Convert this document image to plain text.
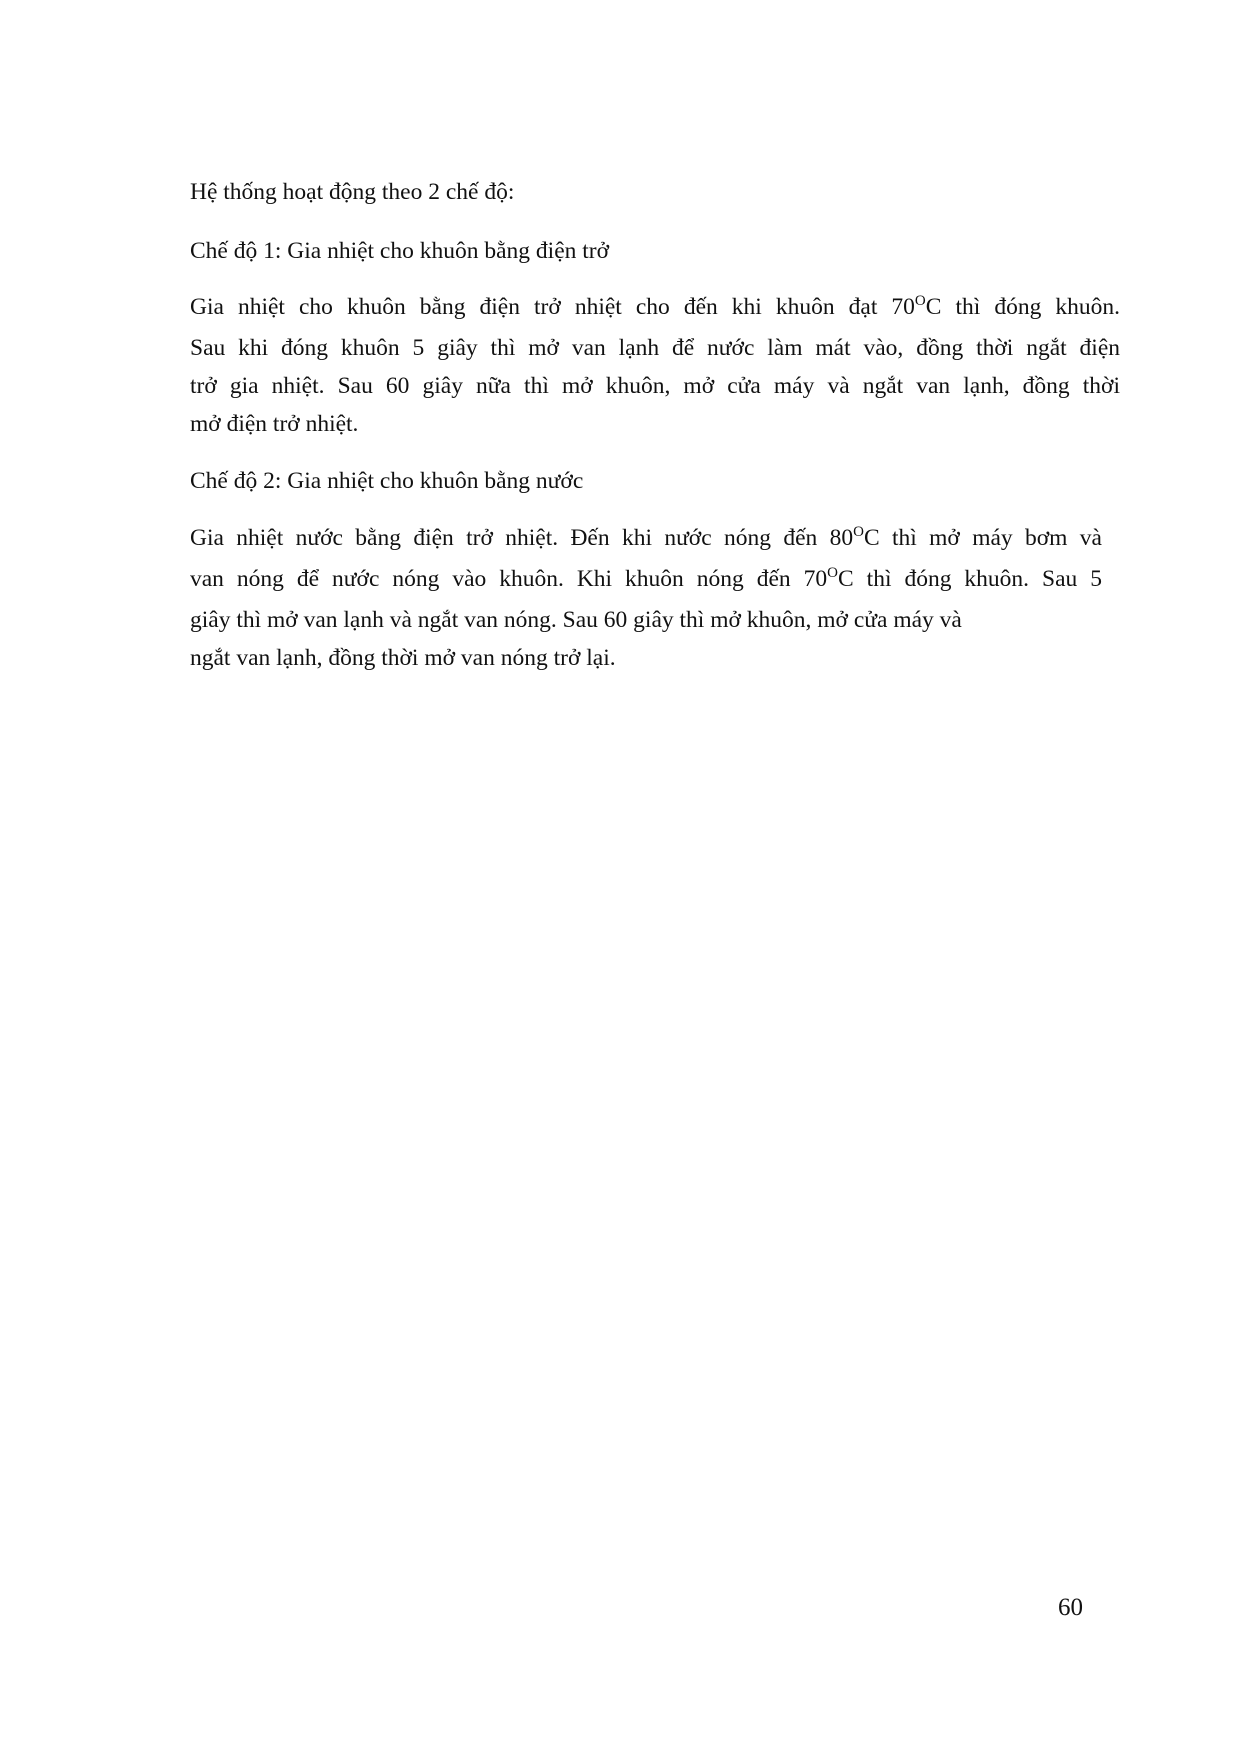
Hệ thống hoạt động theo 2 chế độ:
Chế độ 1: Gia nhiệt cho khuôn bằng điện trở
Gia nhiệt cho khuôn bằng điện trở nhiệt cho đến khi khuôn đạt $70^OC$ thì đóng khuôn.
Sau khi đóng khuôn 5 giây thì mở van lạnh để nước làm mát vào, đồng thời ngắt điện
trở gia nhiệt. Sau 60 giây nữa thì mở khuôn, mở cửa máy và ngắt van lạnh, đồng thời
mở điện trở nhiệt.
Chế độ 2: Gia nhiệt cho khuôn bằng nước
Gia nhiệt nước bằng điện trở nhiệt. Đến khi nước nóng đến $80^OC$ thì mở máy bơm và
van nóng để nước nóng vào khuôn. Khi khuôn nóng đến $70^OC$ thì đóng khuôn. Sau 5
giây thì mở van lạnh và ngắt van nóng. Sau 60 giây thì mở khuôn, mở cửa máy và
ngắt van lạnh, đồng thời mở van nóng trở lại.
60
